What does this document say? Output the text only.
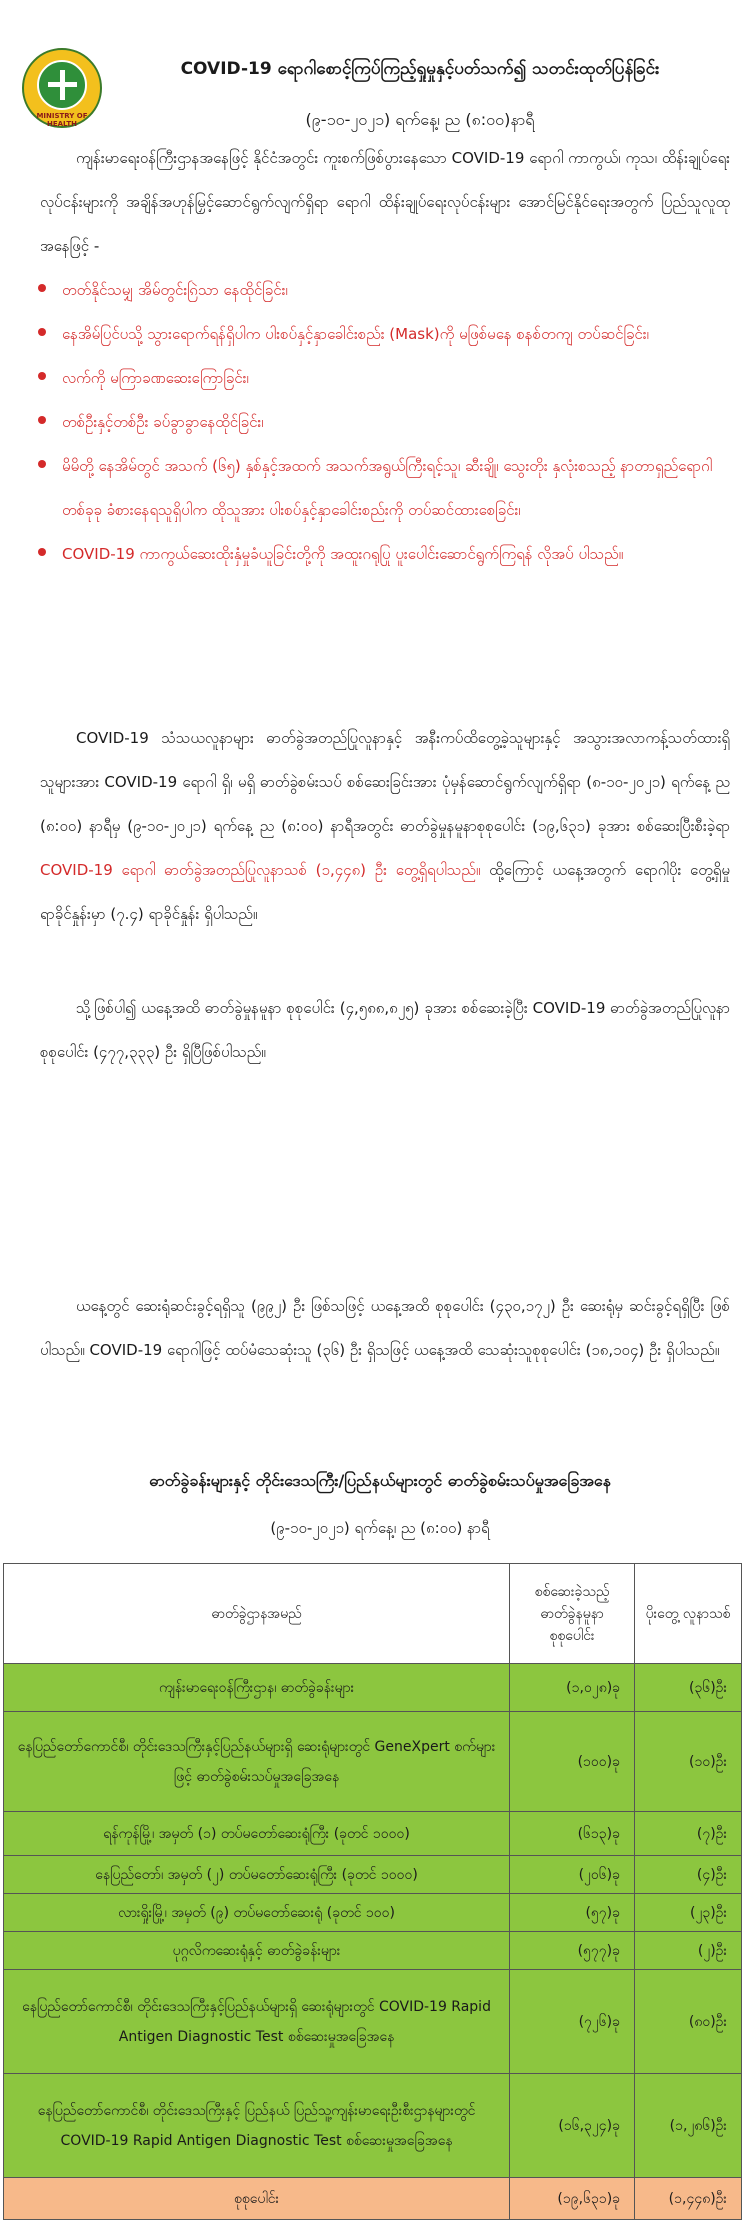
MINISTRY OF HEALTH
COVID-19 ရောဂါစောင့်ကြပ်ကြည့်ရှုမှုနှင့်ပတ်သက်၍ သတင်းထုတ်ပြန်ခြင်း
(၉-၁၀-၂၀၂၁) ရက်နေ့၊ ည (၈:၀၀)နာရီ
ကျန်းမာရေးဝန်ကြီးဌာနအနေဖြင့် နိုင်ငံအတွင်း ကူးစက်ဖြစ်ပွားနေသော COVID-19 ရောဂါ ကာကွယ်၊ ကုသ၊ ထိန်းချုပ်ရေးလုပ်ငန်းများကို အချိန်အဟုန်မြှင့်ဆောင်ရွက်လျက်ရှိရာ ရောဂါ ထိန်းချုပ်ရေးလုပ်ငန်းများ အောင်မြင်နိုင်ရေးအတွက် ပြည်သူလူထုအနေဖြင့် -
တတ်နိုင်သမျှ အိမ်တွင်းၵြဲသာ နေထိုင်ခြင်း၊
နေအိမ်ပြင်ပသို့ သွားရောက်ရန်ရှိပါက ပါးစပ်နှင့်နှာခေါင်းစည်း (Mask)ကို မဖြစ်မနေ စနစ်တကျ တပ်ဆင်ခြင်း၊
လက်ကို မကြာခဏဆေးကြောခြင်း၊
တစ်ဦးနှင့်တစ်ဦး ခပ်ခွာခွာနေထိုင်ခြင်း၊
မိမိတို့ နေအိမ်တွင် အသက် (၆၅) နှစ်နှင့်အထက် အသက်အရွယ်ကြီးရင့်သူ၊ ဆီးချို၊ သွေးတိုး နှလုံးစသည့် နာတာရှည်ရောဂါတစ်ခုခု ခံစားနေရသူရှိပါက ထိုသူအား ပါးစပ်နှင့်နှာခေါင်းစည်းကို တပ်ဆင်ထားစေခြင်း၊
COVID-19 ကာကွယ်ဆေးထိုးနှံမှုခံယူခြင်းတို့ကို အထူးဂရုပြု ပူးပေါင်းဆောင်ရွက်ကြရန် လိုအပ် ပါသည်။
COVID-19 သံသယလူနာများ ဓာတ်ခွဲအတည်ပြုလူနာနှင့် အနီးကပ်ထိတွေ့ခဲ့သူများနှင့် အသွားအလာကန့်သတ်ထားရှိသူများအား COVID-19 ရောဂါ ရှိ၊ မရှိ ဓာတ်ခွဲစမ်းသပ် စစ်ဆေးခြင်းအား ပုံမှန်ဆောင်ရွက်လျက်ရှိရာ (၈-၁၀-၂၀၂၁) ရက်နေ့ ည (၈:၀၀) နာရီမှ (၉-၁၀-၂၀၂၁) ရက်နေ့ ည (၈:၀၀) နာရီအတွင်း ဓာတ်ခွဲမှုနမူနာစုစုပေါင်း (၁၉,၆၃၁) ခုအား စစ်ဆေးပြီးစီးခဲ့ရာ COVID-19 ရောဂါ ဓာတ်ခွဲအတည်ပြုလူနာသစ် (၁,၄၄၈) ဦး တွေ့ရှိရပါသည်။ ထို့ကြောင့် ယနေ့အတွက် ရောဂါပိုး တွေ့ရှိမှု ရာခိုင်နှုန်းမှာ (၇.၄) ရာခိုင်နှုန်း ရှိပါသည်။
သို့ဖြစ်ပါ၍ ယနေ့အထိ ဓာတ်ခွဲမှုနမူနာ စုစုပေါင်း (၄,၅၈၈,၈၂၅) ခုအား စစ်ဆေးခဲ့ပြီး COVID-19 ဓာတ်ခွဲအတည်ပြုလူနာ စုစုပေါင်း (၄၇၇,၃၃၃) ဦး ရှိပြီဖြစ်ပါသည်။
ယနေ့တွင် ဆေးရုံဆင်းခွင့်ရရှိသူ (၉၉၂) ဦး ဖြစ်သဖြင့် ယနေ့အထိ စုစုပေါင်း (၄၃၀,၁၇၂) ဦး ဆေးရုံမှ ဆင်းခွင့်ရရှိပြီး ဖြစ်ပါသည်။ COVID-19 ရောဂါဖြင့် ထပ်မံသေဆုံးသူ (၃၆) ဦး ရှိသဖြင့် ယနေ့အထိ သေဆုံးသူစုစုပေါင်း (၁၈,၁၀၄) ဦး ရှိပါသည်။
ဓာတ်ခွဲခန်းများနှင့် တိုင်းဒေသကြီး/ပြည်နယ်များတွင် ဓာတ်ခွဲစမ်းသပ်မှုအခြေအနေ
(၉-၁၀-၂၀၂၁) ရက်နေ့၊ ည (၈:၀၀) နာရီ
ဓာတ်ခွဲဌာနအမည်	စစ်ဆေးခဲ့သည့် ဓာတ်ခွဲနမူနာ စုစုပေါင်း	ပိုးတွေ့ လူနာသစ်
ကျန်းမာရေးဝန်ကြီးဌာန၊ ဓာတ်ခွဲခန်းများ	(၁,၀၂၈)ခု	(၃၆)ဦး
နေပြည်တော်ကောင်စီ၊ တိုင်းဒေသကြီးနှင့်ပြည်နယ်များရှိ ဆေးရုံများတွင် GeneXpert စက်များဖြင့် ဓာတ်ခွဲစမ်းသပ်မှုအခြေအနေ	(၁၀၀)ခု	(၁၀)ဦး
ရန်ကုန်မြို့၊ အမှတ် (၁) တပ်မတော်ဆေးရုံကြီး (ခုတင် ၁၀၀၀)	(၆၁၃)ခု	(၇)ဦး
နေပြည်တော်၊ အမှတ် (၂) တပ်မတော်ဆေးရုံကြီး (ခုတင် ၁၀၀၀)	(၂၀၆)ခု	(၄)ဦး
လားရှိုးမြို့၊ အမှတ် (၉) တပ်မတော်ဆေးရုံ (ခုတင် ၁၀၀)	(၅၇)ခု	(၂၃)ဦး
ပုဂ္ဂလိကဆေးရုံနှင့် ဓာတ်ခွဲခန်းများ	(၅၇၇)ခု	(၂)ဦး
နေပြည်တော်ကောင်စီ၊ တိုင်းဒေသကြီးနှင့်ပြည်နယ်များရှိ ဆေးရုံများတွင် COVID-19 Rapid Antigen Diagnostic Test စစ်ဆေးမှုအခြေအနေ	(၇၂၆)ခု	(၈၀)ဦး
နေပြည်တော်ကောင်စီ၊ တိုင်းဒေသကြီးနှင့် ပြည်နယ် ပြည်သူ့ကျန်းမာရေးဦးစီးဌာနများတွင် COVID-19 Rapid Antigen Diagnostic Test စစ်ဆေးမှုအခြေအနေ	(၁၆,၃၂၄)ခု	(၁,၂၈၆)ဦး
စုစုပေါင်း	(၁၉,၆၃၁)ခု	(၁,၄၄၈)ဦး
